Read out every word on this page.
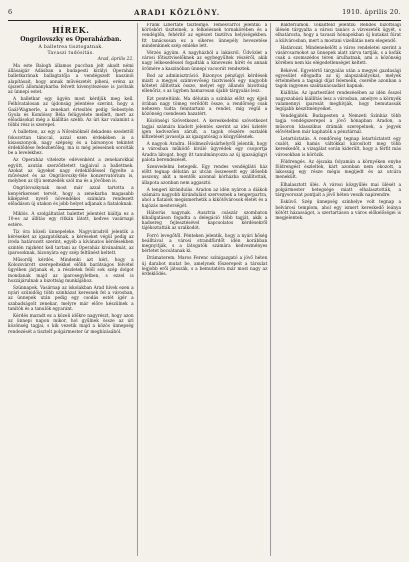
6	ARADI KÖZLÖNY.	1910. április 20.
HÍREK.
Ongrilovszky es Operaházban.
A balletrea tisztogatnak.
Tavaszi tudósítás.
Arad, április 22.

Ma este Balogh államos puccban jelt akadt némi állásaigár Adásban a budapesti királyi Operaház balletkarának ballagtatőja a vendégszelt kaszinói alapításait, hogy annak művészetét piheni, erénx az újszerű állománykarba felvett kivenyitezésse is javítsák az ünnepi estet.

A balletkar egy ügyén most kérdjük meg kell. Felhívatalosan az újdonság jelentése szerint, hogy a Gaál-Wagnerle, a zenekari értesítés pedig Sebestyén Gyula és Komlóssy Béla felügyelete mellett, mert az előadásokat még a kiállítás szebb. Az úri kar valamint a többi rész is szerepel.

A balletten, az egy a Nőrelnöknél dekadens ezedettől fokozottan tánccal, azzal ezen érdekében is a kisasszonyok, nagy szépség és a bársonyos tekintet érdeklődése fedezhetőleg, ma is még jeleseinek sorolták be a levelekhez.

Az Operaház vitelezte edévenként a zenekarokkal együtt, azután szerződtetett tagjaival a ballettnek. Azokat az ügyeket nagy érdeklődéssel figyelte a művészet és az Ongrilovszky-féle konzervatórium is, melyben az ifjú nemzedék szól ma és a jövőben is.

Ongrilovszkynak most már azzal tartotta a kenyérkereset tervét, hogy a zenekarba magasabb kiképzést nyerő növendékei számára rendezett előadáson új utakon és jobb helyet adjanak a fiataloknak.

Miklós. A szolgáltatást balettet jelentést kiáltja ez a 10-es az állítás egy ritkán látott, kedves vasárnapi estére.

Tíz óra közeli ünnepeleke. Nagyváradról jelentik a kéréseket az igazgatóknak, a kéréseket végül pedig az iroda határozott szerint, egyéb a kívánatos kérdésekben szintén rajzként kell tartani az Operaház kívánalmát, az iparosoknak, bizonyára egy szép feltűnést keltett.

Műsordíj kérdés. Mindenki azt kéri, hogy a Kolozsvárott szerepeltekkel előbb barátságos felvétel ügyében járjanak el, a részletek felől sok szép dolgot mondanak majd az iparosegyletben, s ezzel is hozzájárulnak a bizottság munkájához.

Szünnapok. Vasárnap az iskolakban Arad hívek ezen a nyári szünidőig több szinházat keresnek fel a városban, az ünnepek után pedig egy csodás estét ígér a szabadságolt zenekar, melyre már előre készülnek a tanítók és a tanulók egyaránt.

Kérdés maradt ez a közeli időkre nagyrészt, hogy azon az ünnepi napon mikor, hol gyűlnek össze az úri közönség tagjai, s kik vezetik majd a közös ünnepség rendezését a tisztelt polgármester úr megbízásából.

Frank Libertate tiszteimje. Temesvárról jelentik: a körösköri tiszteinek, a felkelésnek tornakörében és a vendéglőn, fehérítő az egészet tisztítva helyiségekben. Itt tanácsosan ez a sikeres ünnepély bevezetése mindenkinek szép emléke lett.

Vérzés ágyúm. A nagyházból a lakásról. Üdvözlet a városi főtisztviselőknek az egybegyűltek részéről, akik nagy lelkesedéssel fogadták a kinevezés hírét és annak örömére a kaszinóban ünnepi vacsorát rendeztek.

Bod az adminisztráció. Bizonyos pénzügyi kérdések miatt a megyei számvevőség tisztviselői egy nagyobb kötetet állítottak össze, melyet egy állandó bizottság ellenőriz, s az ügyben hamarosan újabb tárgyalás lesz.

Ezt ponteltünk. Ma délután a színház előtt egy éjjeli órában nagy tömeg verődött össze, a rendőrség csak nehezen tudta fenntartani a rendet, míg végül a közönség csendesen hazatért.

Közönségi Szövetkezet. A kereskedelmi szövetkezet tagjai számára kiadott jelentés szerint az idei üzletév igen kedvezően zárult, a tagok részére osztalék kifizetését javasolja az igazgatóság a közgyűlésnek.

A nagyok Aradra. Hódmezővásárhelyről jelentik, hogy a városban működő kiváló ügyvédek egy csoportja Aradra látogat, hogy itt tanulmányozza az új igazságügyi palota berendezését.

Szenvedelmi betegeik. Egy rendes vendéglátó ház előtt tegnap délután az utcán összeesett egy idősebb asszony, akit a mentők azonnal kórházba szállítottak, állapota azonban nem aggasztó.

A tengeri kirándulás. Aradon az idén nyáron a diákok számára nagyobb kirándulást szerveznek a tengerpartra, ahol a fiatalok megismerhetik a kikötővárosok életét és a hajózás mesterségét.

Háborús nagynak. Ausztria császár szombaton kihallgatáson fogadta a delegáció több tagját, akik a hadsereg fejlesztésével kapcsolatos kérdésekről tájékoztatták az uralkodót.

Forró levegőtől. Pénteken jelentik, hogy a nyári hőség beálltával a városi strandfürdőt idén korábban megnyitják, s a látogatók számára kedvezményes bérletet bocsátanak ki.

Drámaterem. Maros Ferenc színigazgató a jövő héten új darabot mutat be, amelynek főszerepeit a társulat legjobb erői játsszák, s a bemutatóra már most nagy az érdeklődés.

Baktériumok. Tokaiffeld jelentik: Rendes bizottsági ülésén tárgyalta a városi tanács a vízvezeték ügyét, s elhatározta, hogy a tavaszi hónapokban új kutakat fúrat a külvárosban, mert a mostani vízellátás nem elegendő.

Határozat. Mindenekelőtt a város rendeletei szerint a vásárcsarnokot az ünnepek alatt zárva tartják, s a kofák csak a szomszédos téren árulhatnak, ami a közönség körében nem kis elégedetlenséget keltett.

Békével. Egyetértő tárgyalás után a megyei gazdasági egyesület elfogadta az új alapszabályokat, melyek értelmében a tagsági díjat felemelik, cserébe azonban a tagok ingyenes szaktanácsadást kapnak.

Kiállítás. Az ipartestület rendezésében az idén ősszel nagyszabású kiállítás lesz a városban, amelyre a környék valamennyi iparosát meghívják, hogy bemutassák legújabb készítményeiket.

Vendégjáték. Budapesten a Nemzeti Színház több tagja vendégszerepel a jövő hónapban Aradon, a műsoron klasszikus drámák szerepelnek, a jegyek elővételben már kaphatók a pénztárnál.

Letartóztatás. A rendőrség tegnap letartóztatott egy csalót, aki hamis váltókkal károsított meg több kereskedőt, a vizsgálat során kiderült, hogy a férfit más városokban is körözik.

Földrengés. Az éjszaka folyamán a környéken enyhe földrengést észleltek, kárt azonban nem okozott, a lakosság egy része mégis megijedt és az utcára menekült.

Elhalasztott ülés. A városi közgyűlés mai ülését a polgármester betegsége miatt elhalasztották, a tárgysorozat pontjait a jövő héten veszik napirendre.

Esküvő. Szép ünnepség színhelye volt tegnap a belvárosi templom, ahol egy ismert kereskedő leánya kötött házasságot, a szertartáson a város előkelőségei is megjelentek.
